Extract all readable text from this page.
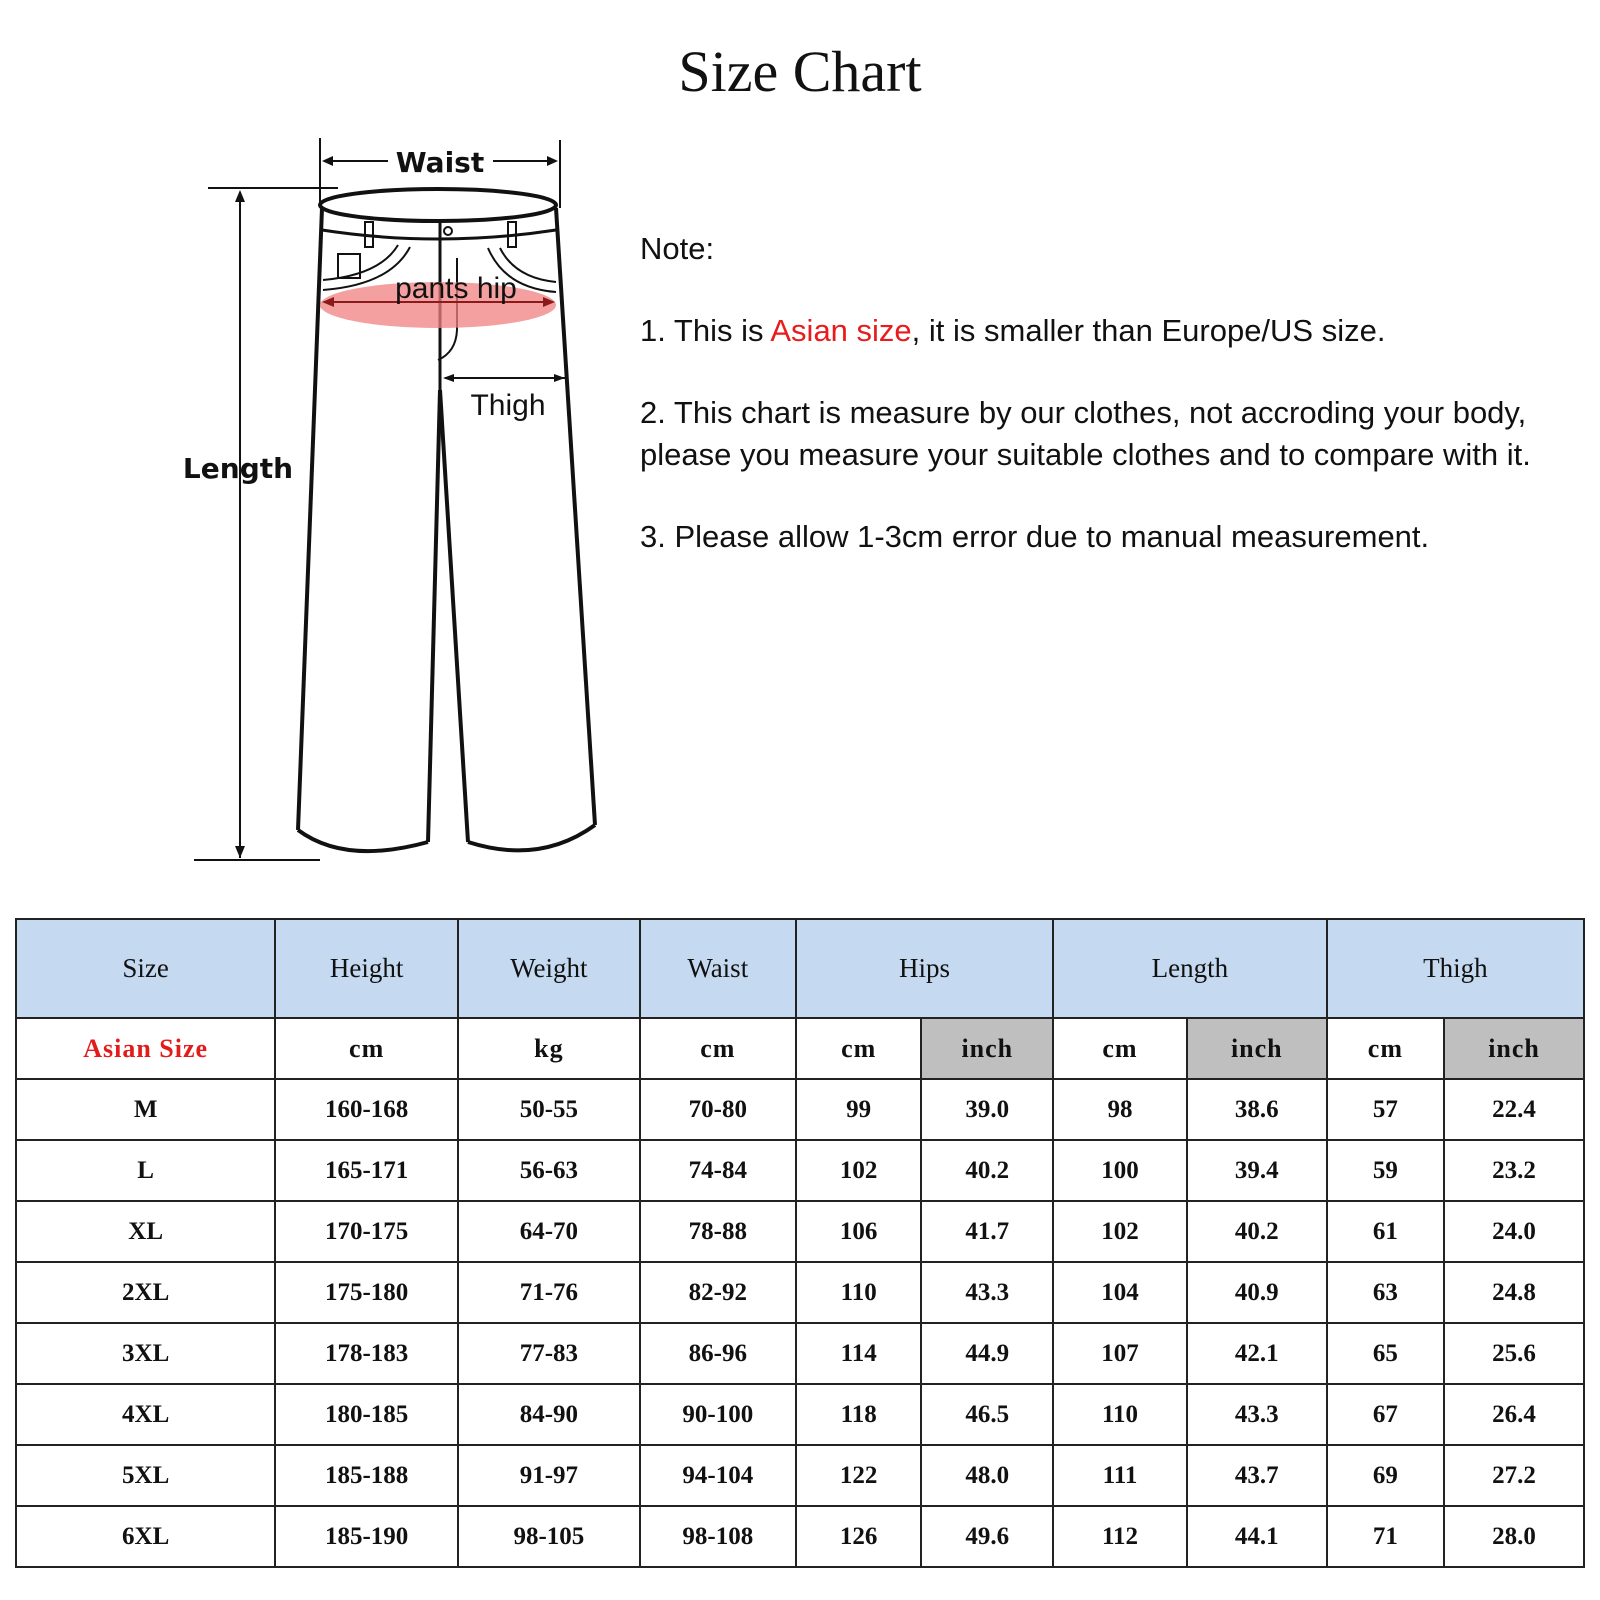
Size Chart
Waist
Length
pants hip
Thigh

Note:

1. This is Asian size, it is smaller than Europe/US size.

2. This chart is measure by our clothes, not accroding your body,
please you measure your suitable clothes and to compare with it.

3. Please allow 1-3cm error due to manual measurement.

Size	Height	Weight	Waist	Hips		Length		Thigh	
Asian Size	cm	kg	cm	cm	inch	cm	inch	cm	inch
M	160-168	50-55	70-80	99	39.0	98	38.6	57	22.4
L	165-171	56-63	74-84	102	40.2	100	39.4	59	23.2
XL	170-175	64-70	78-88	106	41.7	102	40.2	61	24.0
2XL	175-180	71-76	82-92	110	43.3	104	40.9	63	24.8
3XL	178-183	77-83	86-96	114	44.9	107	42.1	65	25.6
4XL	180-185	84-90	90-100	118	46.5	110	43.3	67	26.4
5XL	185-188	91-97	94-104	122	48.0	111	43.7	69	27.2
6XL	185-190	98-105	98-108	126	49.6	112	44.1	71	28.0
